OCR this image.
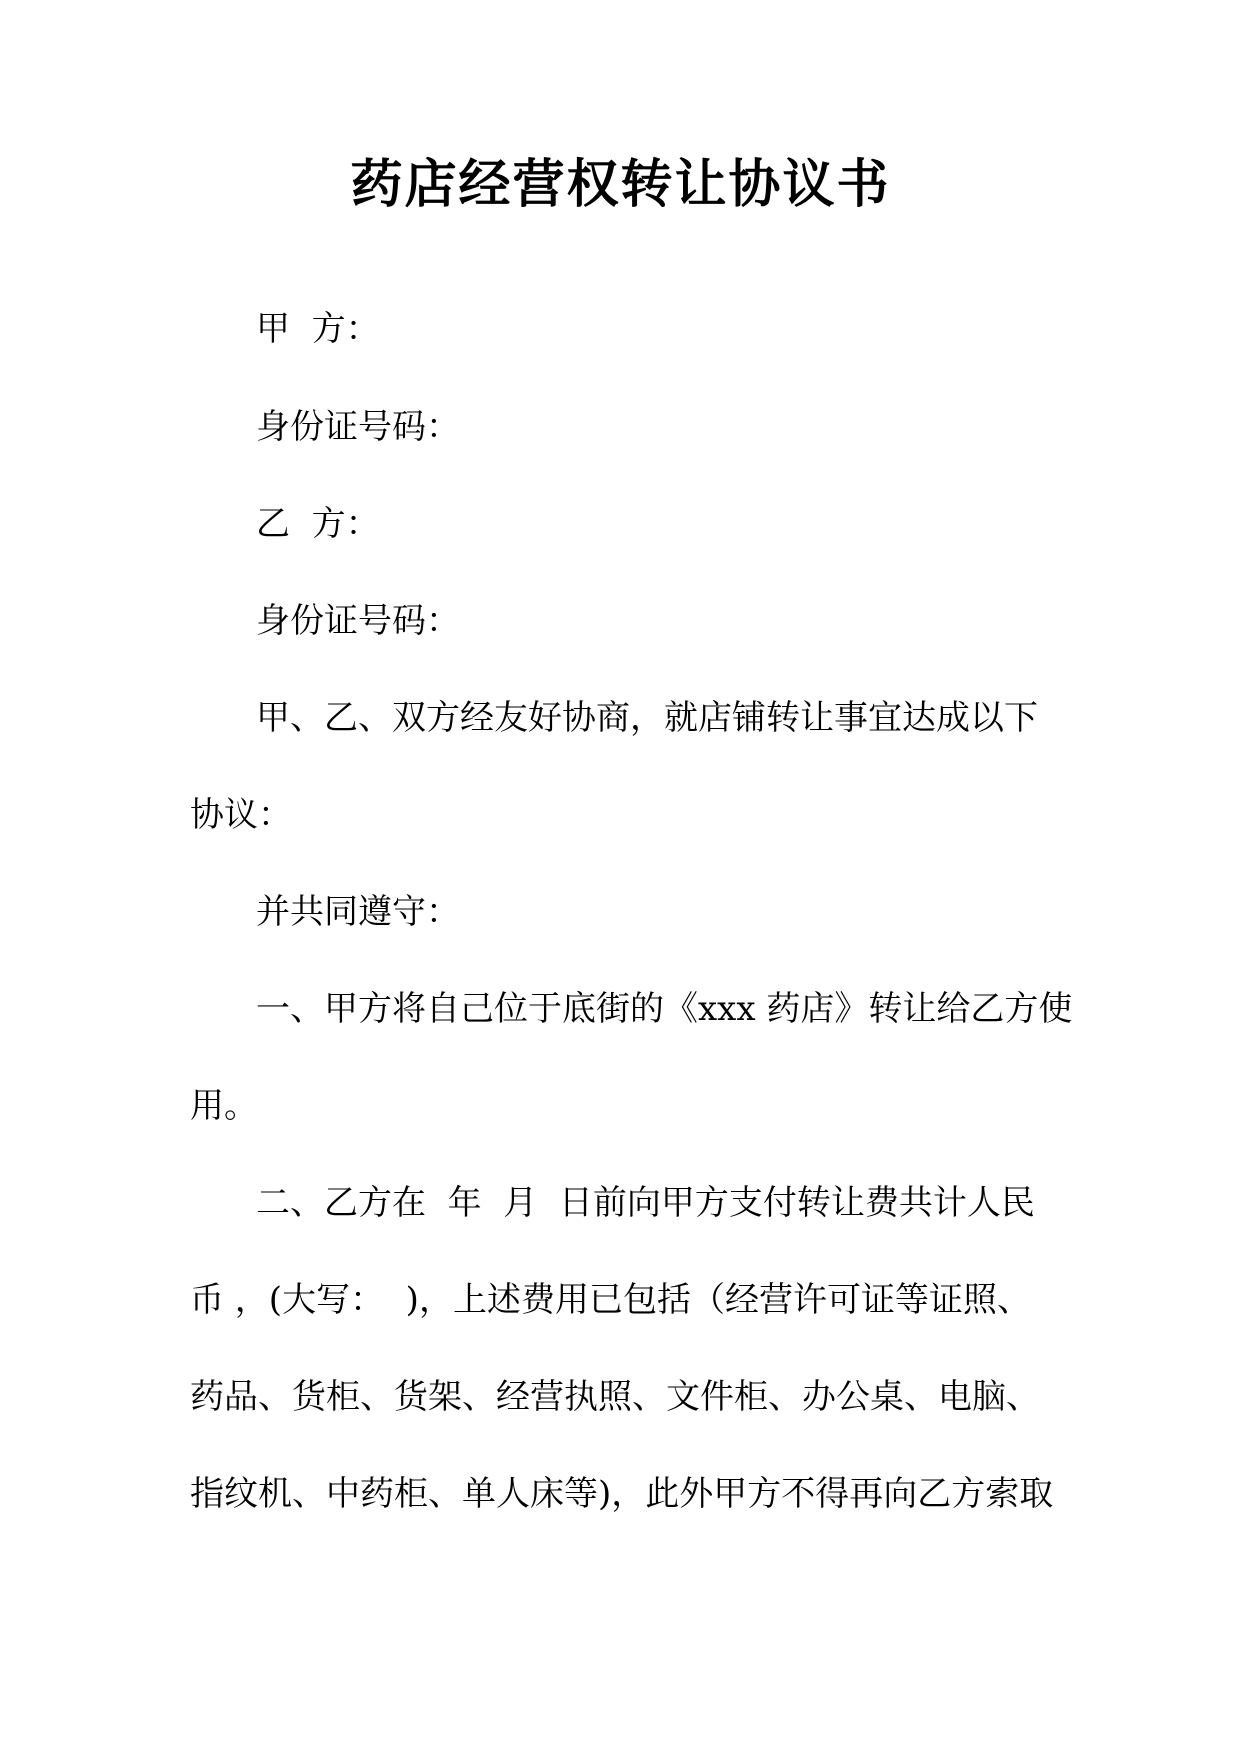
药店经营权转让协议书

甲  方：

身份证号码：

乙  方：

身份证号码：

甲、乙、双方经友好协商，就店铺转让事宜达成以下

协议：

并共同遵守：

一、甲方将自己位于底街的《xxx 药店》转让给乙方使

用。

二、乙方在  年  月  日前向甲方支付转让费共计人民

币 ，(大写：  )，上述费用已包括（经营许可证等证照、

药品、货柜、货架、经营执照、文件柜、办公桌、电脑、

指纹机、中药柜、单人床等)，此外甲方不得再向乙方索取
